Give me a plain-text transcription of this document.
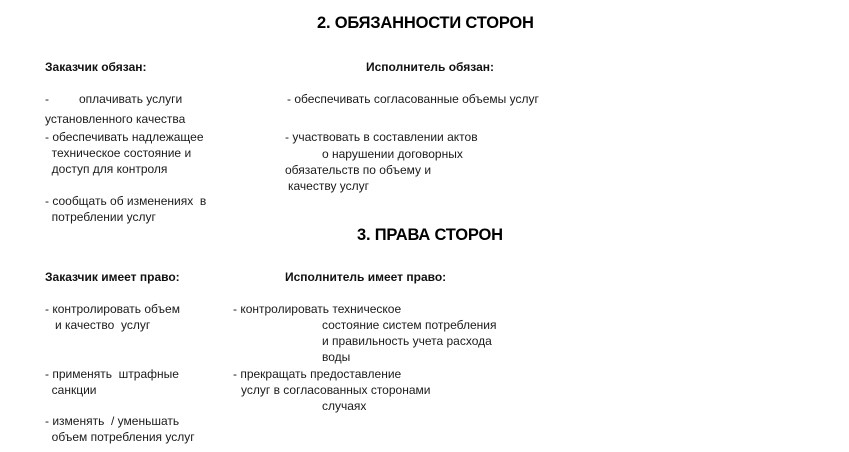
2. ОБЯЗАННОСТИ СТОРОН
Заказчик обязан:	Исполнитель обязан:
-         оплачивать услуги
установленного качества
- обеспечивать надлежащее
техническое состояние и
доступ для контроля
- сообщать об изменениях  в
потреблении услуг
- обеспечивать согласованные объемы услуг
- участвовать в составлении актов
о нарушении договорных
обязательств по объему и
качеству услуг
3. ПРАВА СТОРОН
Заказчик имеет право:	Исполнитель имеет право:
- контролировать объем
и качество  услуг
- применять  штрафные
санкции
- изменять  / уменьшать
объем потребления услуг
- контролировать техническое
состояние систем потребления
и правильность учета расхода
воды
- прекращать предоставление
услуг в согласованных сторонами
случаях
